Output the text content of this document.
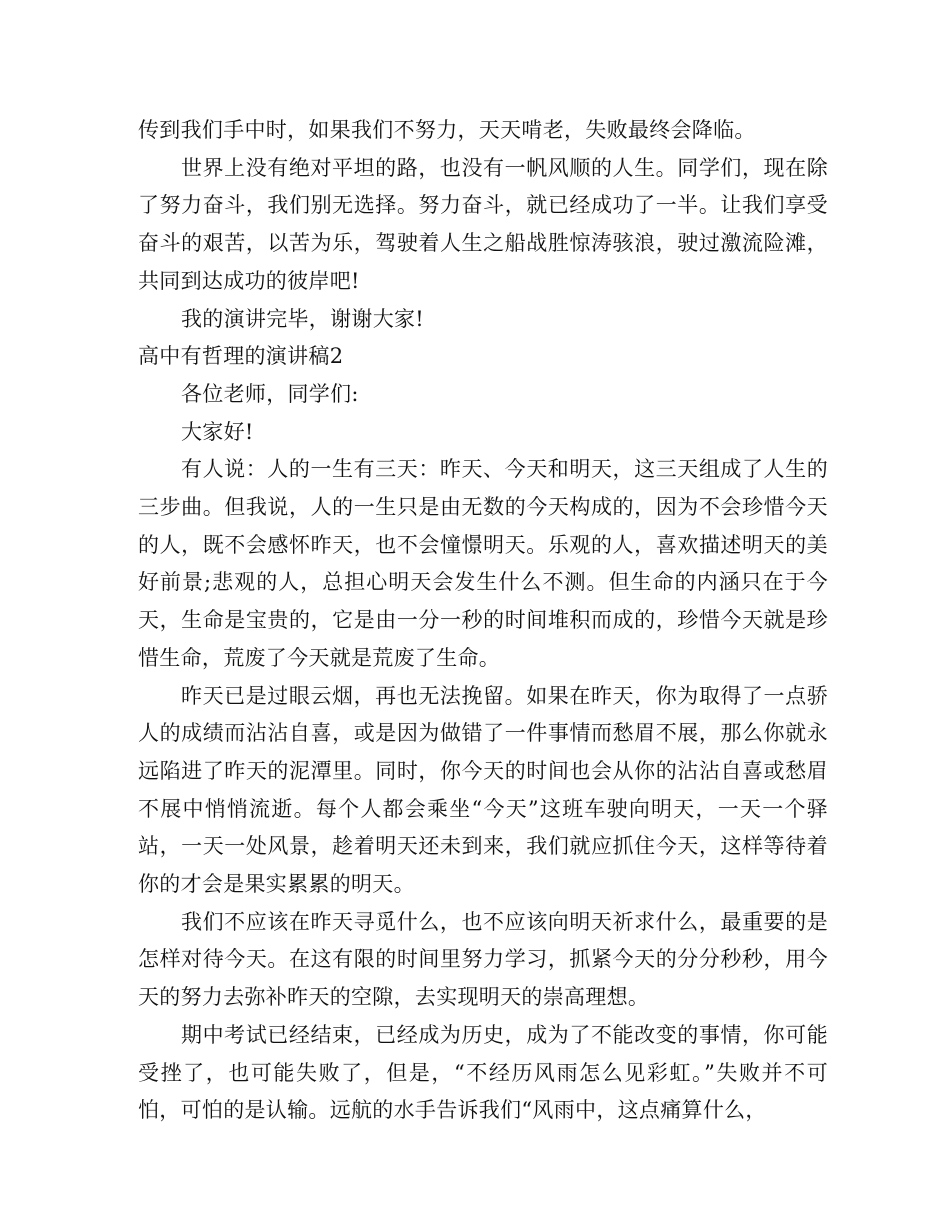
传到我们手中时，如果我们不努力，天天啃老，失败最终会降临。

世界上没有绝对平坦的路，也没有一帆风顺的人生。同学们，现在除了努力奋斗，我们别无选择。努力奋斗，就已经成功了一半。让我们享受奋斗的艰苦，以苦为乐，驾驶着人生之船战胜惊涛骇浪，驶过激流险滩，共同到达成功的彼岸吧!

我的演讲完毕，谢谢大家!

高中有哲理的演讲稿2

各位老师，同学们:

大家好!

有人说：人的一生有三天：昨天、今天和明天，这三天组成了人生的三步曲。但我说，人的一生只是由无数的今天构成的，因为不会珍惜今天的人，既不会感怀昨天，也不会憧憬明天。乐观的人，喜欢描述明天的美好前景;悲观的人，总担心明天会发生什么不测。但生命的内涵只在于今天，生命是宝贵的，它是由一分一秒的时间堆积而成的，珍惜今天就是珍惜生命，荒废了今天就是荒废了生命。

昨天已是过眼云烟，再也无法挽留。如果在昨天，你为取得了一点骄人的成绩而沾沾自喜，或是因为做错了一件事情而愁眉不展，那么你就永远陷进了昨天的泥潭里。同时，你今天的时间也会从你的沾沾自喜或愁眉不展中悄悄流逝。每个人都会乘坐“今天”这班车驶向明天，一天一个驿站，一天一处风景，趁着明天还未到来，我们就应抓住今天，这样等待着你的才会是果实累累的明天。

我们不应该在昨天寻觅什么，也不应该向明天祈求什么，最重要的是怎样对待今天。在这有限的时间里努力学习，抓紧今天的分分秒秒，用今天的努力去弥补昨天的空隙，去实现明天的崇高理想。

期中考试已经结束，已经成为历史，成为了不能改变的事情，你可能受挫了，也可能失败了，但是，“不经历风雨怎么见彩虹。”失败并不可怕，可怕的是认输。远航的水手告诉我们“风雨中，这点痛算什么，
